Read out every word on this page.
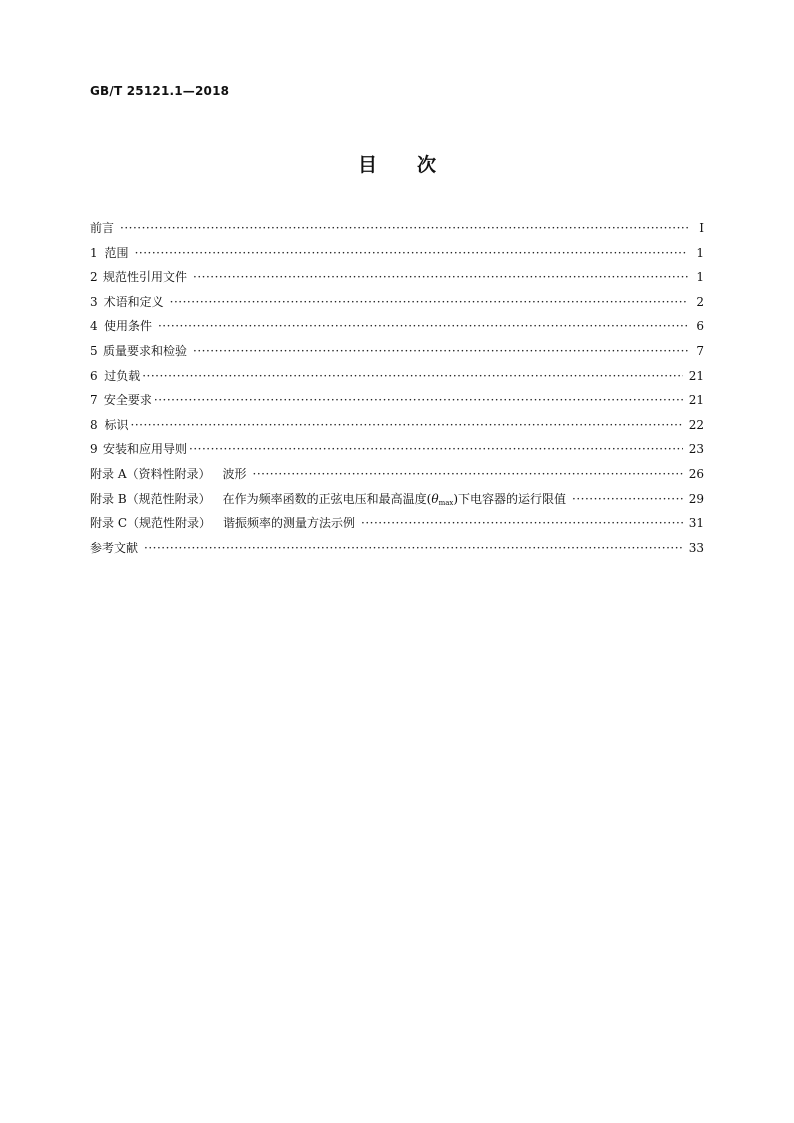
GB/T 25121.1—2018
目次
前言 ·····	Ⅰ
1 范围 ·····	1
2 规范性引用文件 ·····	1
3 术语和定义 ·····	2
4 使用条件 ·····	6
5 质量要求和检验 ·····	7
6 过负载 ·····	21
7 安全要求 ·····	21
8 标识 ·····	22
9 安装和应用导则 ·····	23
附录 A（资料性附录） 波形 ·····	26
附录 B（规范性附录） 在作为频率函数的正弦电压和最高温度$(\theta_{max})$下电容器的运行限值 ·····	29
附录 C（规范性附录） 谐振频率的测量方法示例 ·····	31
参考文献 ·····	33
